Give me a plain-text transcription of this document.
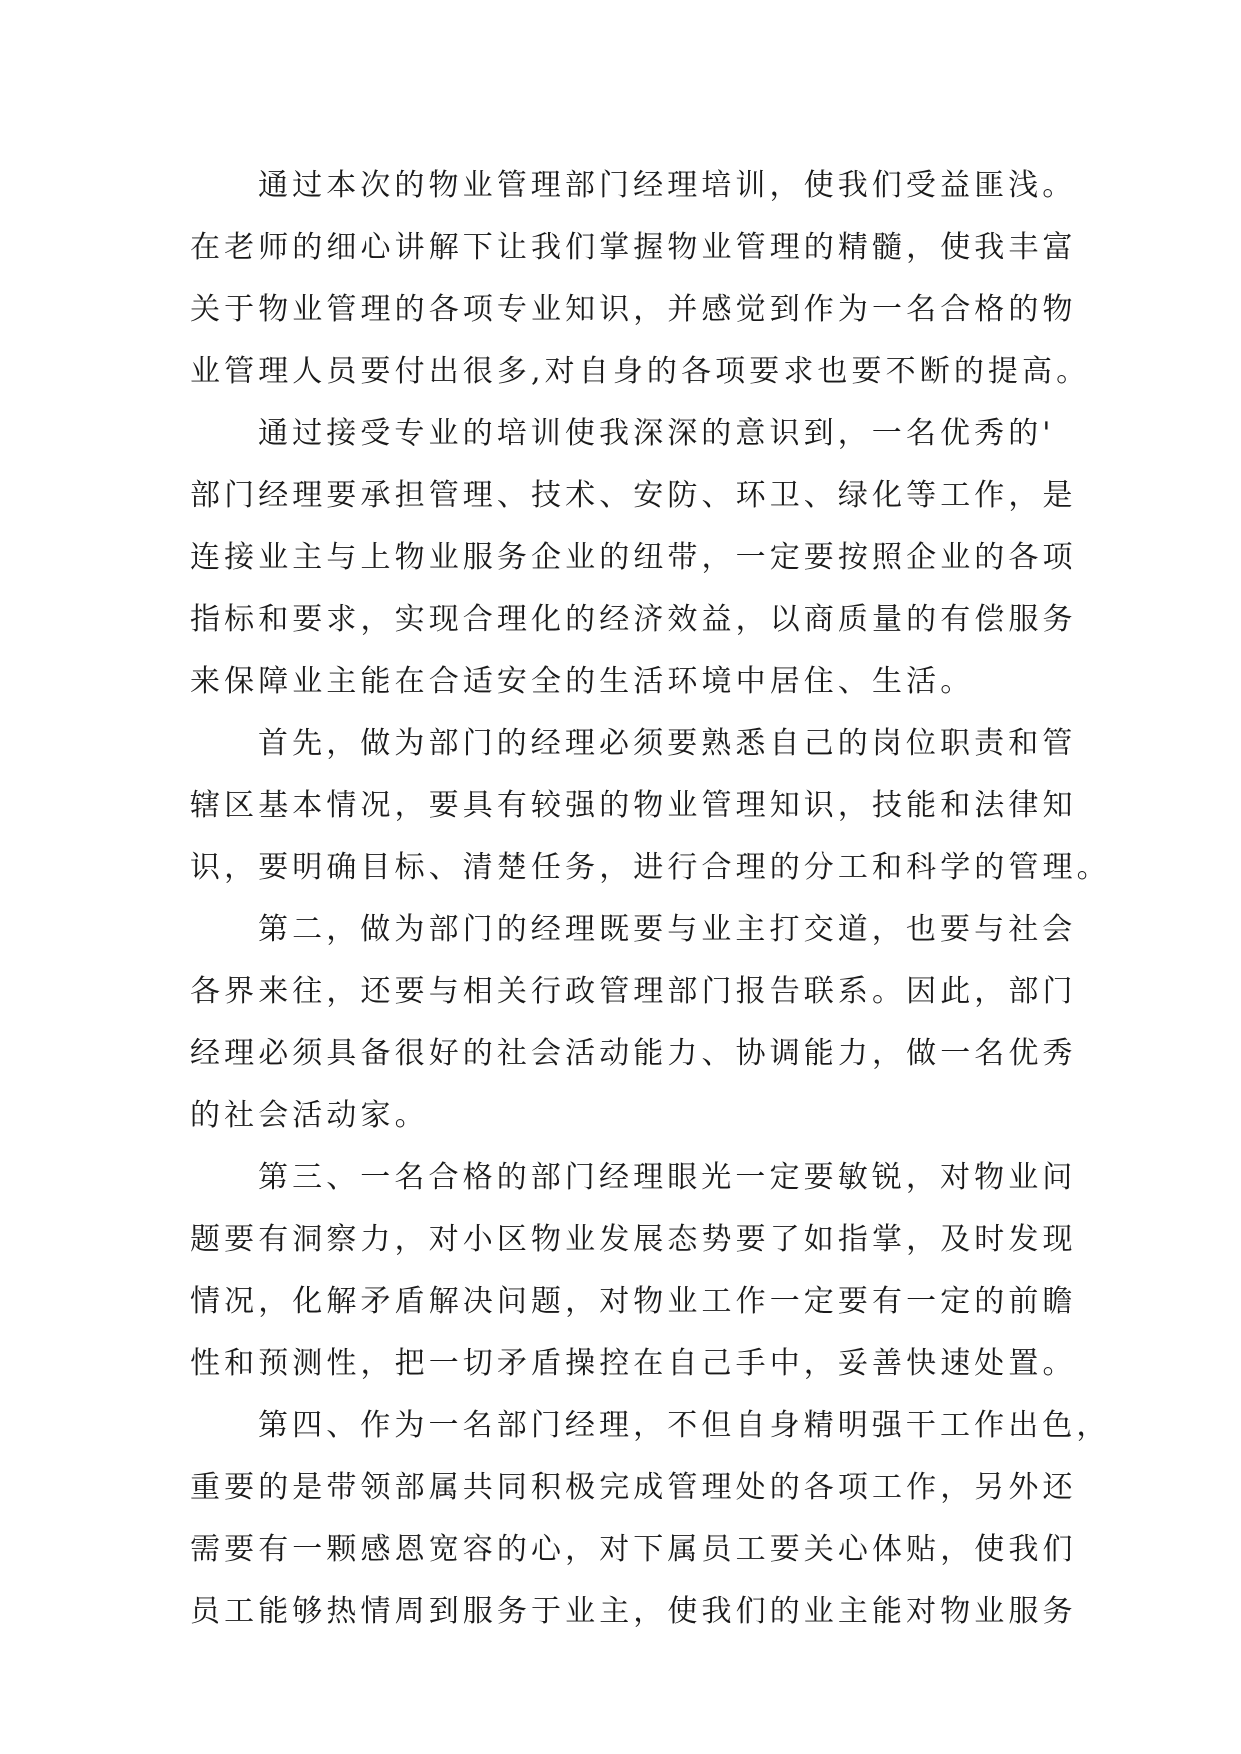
通过本次的物业管理部门经理培训，使我们受益匪浅。
在老师的细心讲解下让我们掌握物业管理的精髓，使我丰富
关于物业管理的各项专业知识，并感觉到作为一名合格的物
业管理人员要付出很多,对自身的各项要求也要不断的提高。
通过接受专业的培训使我深深的意识到，一名优秀的'
部门经理要承担管理、技术、安防、环卫、绿化等工作，是
连接业主与上物业服务企业的纽带，一定要按照企业的各项
指标和要求，实现合理化的经济效益，以商质量的有偿服务
来保障业主能在合适安全的生活环境中居住、生活。
首先，做为部门的经理必须要熟悉自己的岗位职责和管
辖区基本情况，要具有较强的物业管理知识，技能和法律知
识，要明确目标、清楚任务，进行合理的分工和科学的管理。
第二，做为部门的经理既要与业主打交道，也要与社会
各界来往，还要与相关行政管理部门报告联系。因此，部门
经理必须具备很好的社会活动能力、协调能力，做一名优秀
的社会活动家。
第三、一名合格的部门经理眼光一定要敏锐，对物业问
题要有洞察力，对小区物业发展态势要了如指掌，及时发现
情况，化解矛盾解决问题，对物业工作一定要有一定的前瞻
性和预测性，把一切矛盾操控在自己手中，妥善快速处置。
第四、作为一名部门经理，不但自身精明强干工作出色，
重要的是带领部属共同积极完成管理处的各项工作，另外还
需要有一颗感恩宽容的心，对下属员工要关心体贴，使我们
员工能够热情周到服务于业主，使我们的业主能对物业服务
